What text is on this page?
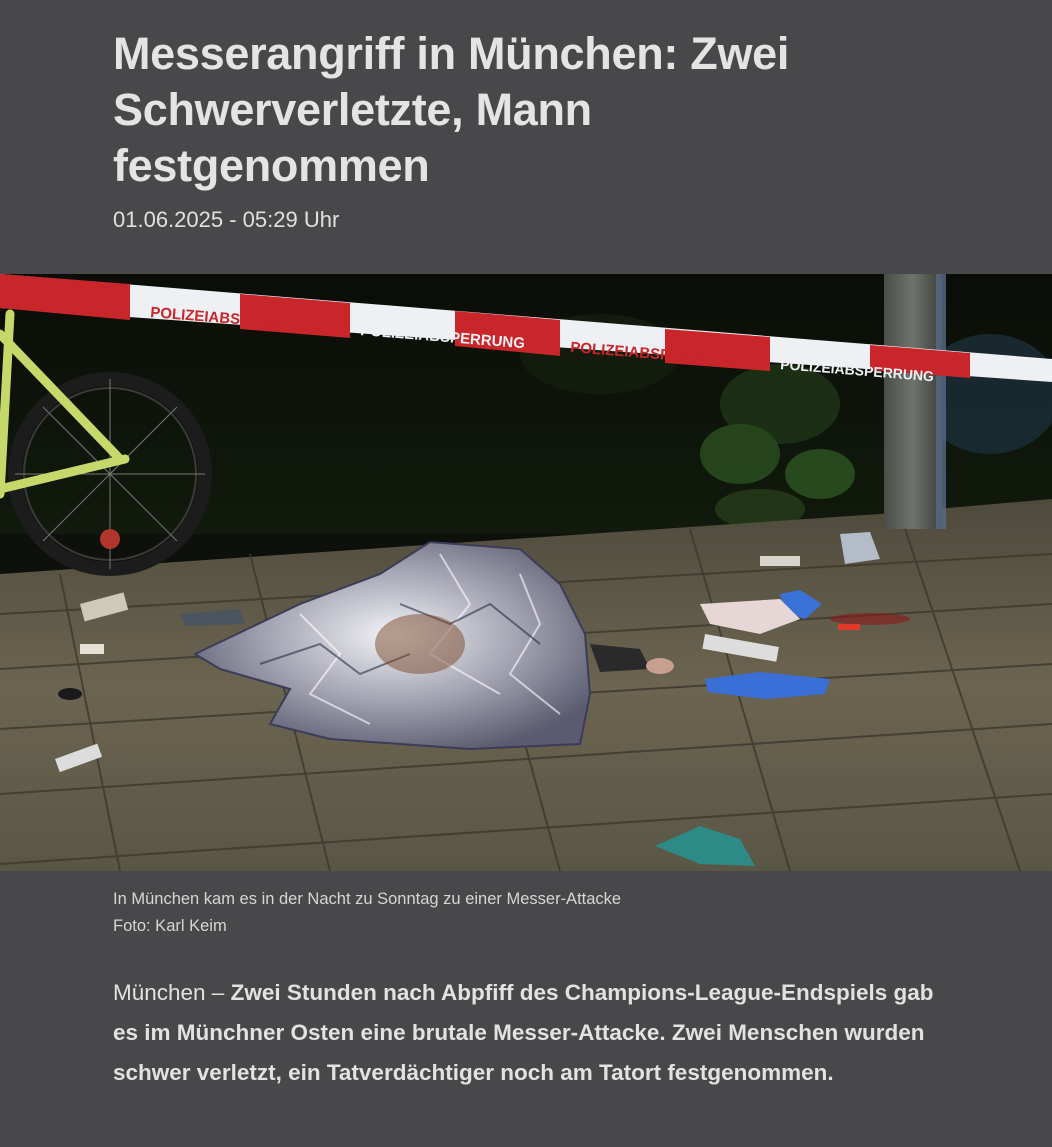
Messerangriff in München: Zwei Schwerverletzte, Mann festgenommen
01.06.2025 - 05:29 Uhr
POLIZEIABSPERRUNG
POLIZEIABSPERRUNG
POLIZEIABSPERRUNG
POLIZEIABSPERRUNG
In München kam es in der Nacht zu Sonntag zu einer Messer-Attacke
Foto: Karl Keim

München – Zwei Stunden nach Abpfiff des Champions-League-Endspiels gab es im Münchner Osten eine brutale Messer-Attacke. Zwei Menschen wurden schwer verletzt, ein Tatverdächtiger noch am Tatort festgenommen.
